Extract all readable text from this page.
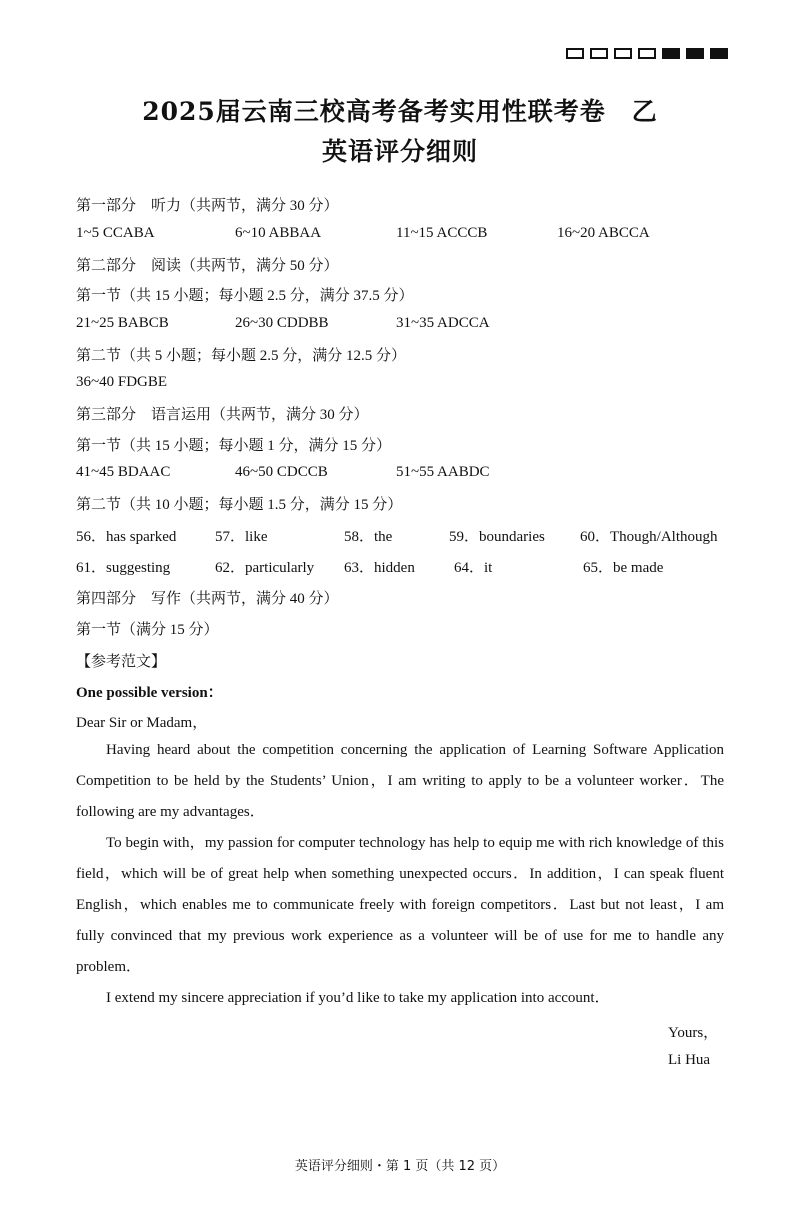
2025届云南三校高考备考实用性联考卷　乙
英语评分细则
第一部分　听力（共两节，满分 30 分）
1~5 CCABA	6~10 ABBAA	11~15 ACCCB	16~20 ABCCA
第二部分　阅读（共两节，满分 50 分）
第一节（共 15 小题；每小题 2.5 分，满分 37.5 分）
21~25 BABCB	26~30 CDDBB	31~35 ADCCA
第二节（共 5 小题；每小题 2.5 分，满分 12.5 分）
36~40 FDGBE
第三部分　语言运用（共两节，满分 30 分）
第一节（共 15 小题；每小题 1 分，满分 15 分）
41~45 BDAAC	46~50 CDCCB	51~55 AABDC
第二节（共 10 小题；每小题 1.5 分，满分 15 分）
56．has sparked	57．like	58．the	59．boundaries 60．Though/Although
61．suggesting	62．particularly 63．hidden	64．it	65．be made
第四部分　写作（共两节，满分 40 分）
第一节（满分 15 分）
【参考范文】
One possible version：
Dear Sir or Madam，

Having heard about the competition concerning the application of Learning Software Application Competition to be held by the Students’ Union，I am writing to apply to be a volunteer worker．The following are my advantages．

To begin with，my passion for computer technology has help to equip me with rich knowledge of this field，which will be of great help when something unexpected occurs．In addition，I can speak fluent English，which enables me to communicate freely with foreign competitors．Last but not least，I am fully convinced that my previous work experience as a volunteer will be of use for me to handle any problem．

I extend my sincere appreciation if you’d like to take my application into account．

Yours，
Li Hua
英语评分细则・第 1 页（共 12 页）
